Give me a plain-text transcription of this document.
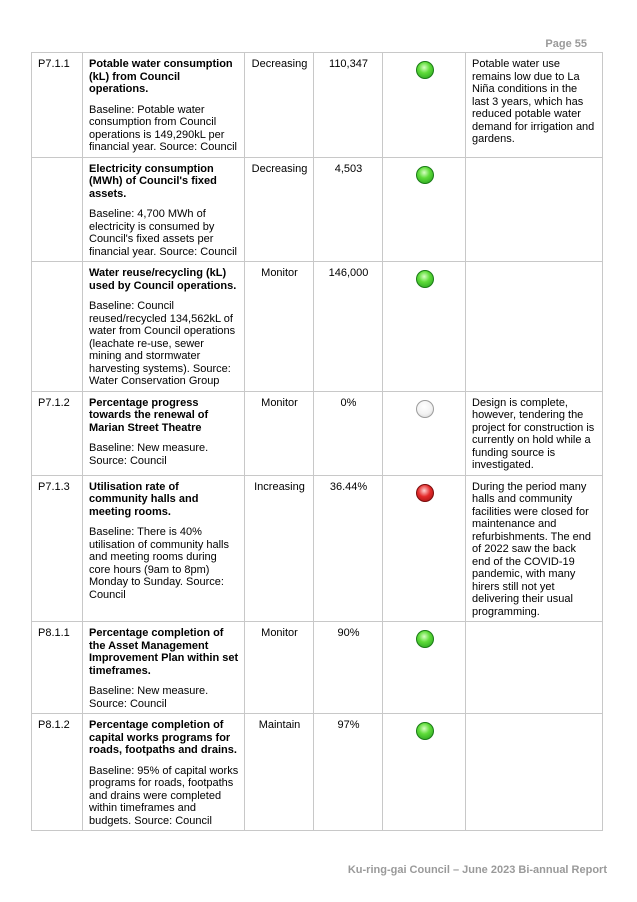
Page 55
P7.1.1	Potable water consumption (kL) from Council operations.
Baseline: Potable water consumption from Council operations is 149,290kL per financial year. Source: Council	Decreasing	110,347		Potable water use remains low due to La Niña conditions in the last 3 years, which has reduced potable water demand for irrigation and gardens.

	Electricity consumption (MWh) of Council's fixed assets.
Baseline: 4,700 MWh of electricity is consumed by Council's fixed assets per financial year. Source: Council	Decreasing	4,503		

	Water reuse/recycling (kL) used by Council operations.
Baseline: Council reused/recycled 134,562kL of water from Council operations (leachate re-use, sewer mining and stormwater harvesting systems). Source: Water Conservation Group	Monitor	146,000		
P7.1.2	Percentage progress towards the renewal of Marian Street Theatre
Baseline: New measure. Source: Council	Monitor	0%		Design is complete, however, tendering the project for construction is currently on hold while a funding source is investigated.
P7.1.3	Utilisation rate of community halls and meeting rooms.
Baseline: There is 40% utilisation of community halls and meeting rooms during core hours (9am to 8pm) Monday to Sunday. Source: Council	Increasing	36.44%		During the period many halls and community facilities were closed for maintenance and refurbishments. The end of 2022 saw the back end of the COVID-19 pandemic, with many hirers still not yet delivering their usual programming.
P8.1.1	Percentage completion of the Asset Management Improvement Plan within set timeframes.
Baseline: New measure. Source: Council	Monitor	90%		
P8.1.2	Percentage completion of capital works programs for roads, footpaths and drains.
Baseline: 95% of capital works programs for roads, footpaths and drains were completed within timeframes and budgets. Source: Council	Maintain	97%		
Ku-ring-gai Council – June 2023 Bi-annual Report
